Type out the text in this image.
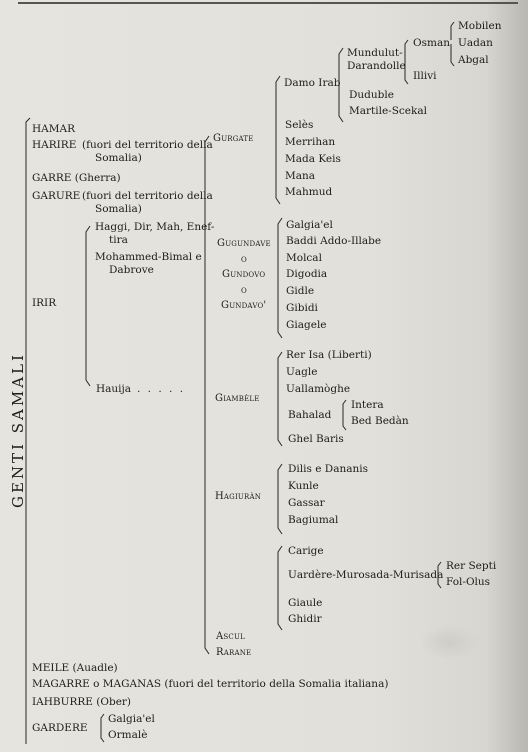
GENTI SAMALI
HAMAR
HARIRE (fuori del territorio della
Somalia)
GARRE (Gherra)
GARURE (fuori del territorio della
Somalia)
IRIR
MEILE (Auadle)
MAGARRE o MAGANAS (fuori del territorio della Somalia italiana)
IAHBURRE (Ober)
GARDERE
Galgia'el
Ormalè
Haggi, Dir, Mah, Enef-
tira
Mohammed-Bimal e
Dabrove
Hauija . . . . .
Gurgate
Gugundave
o
Gundovo
o
Gundavo'
Giambèle
Hagiuràn
Ascul
Rarane
Damo Irab
Selès
Merrihan
Mada Keis
Mana
Mahmud
Mundulut-
Darandolle
Duduble
Martile-Scekal
Osman
Illivi
Mobilen
Uadan
Abgal
Galgia'el
Baddi Addo-Illabe
Molcal
Digodia
Gidle
Gibidi
Giagele
Rer Isa (Liberti)
Uagle
Uallamòghe
Bahalad
Intera
Bed Bedàn
Ghel Baris
Dilis e Dananis
Kunle
Gassar
Bagiumal
Carige
Uardère-Murosada-Murisada
Rer Septi
Fol-Olus
Giaule
Ghidir
